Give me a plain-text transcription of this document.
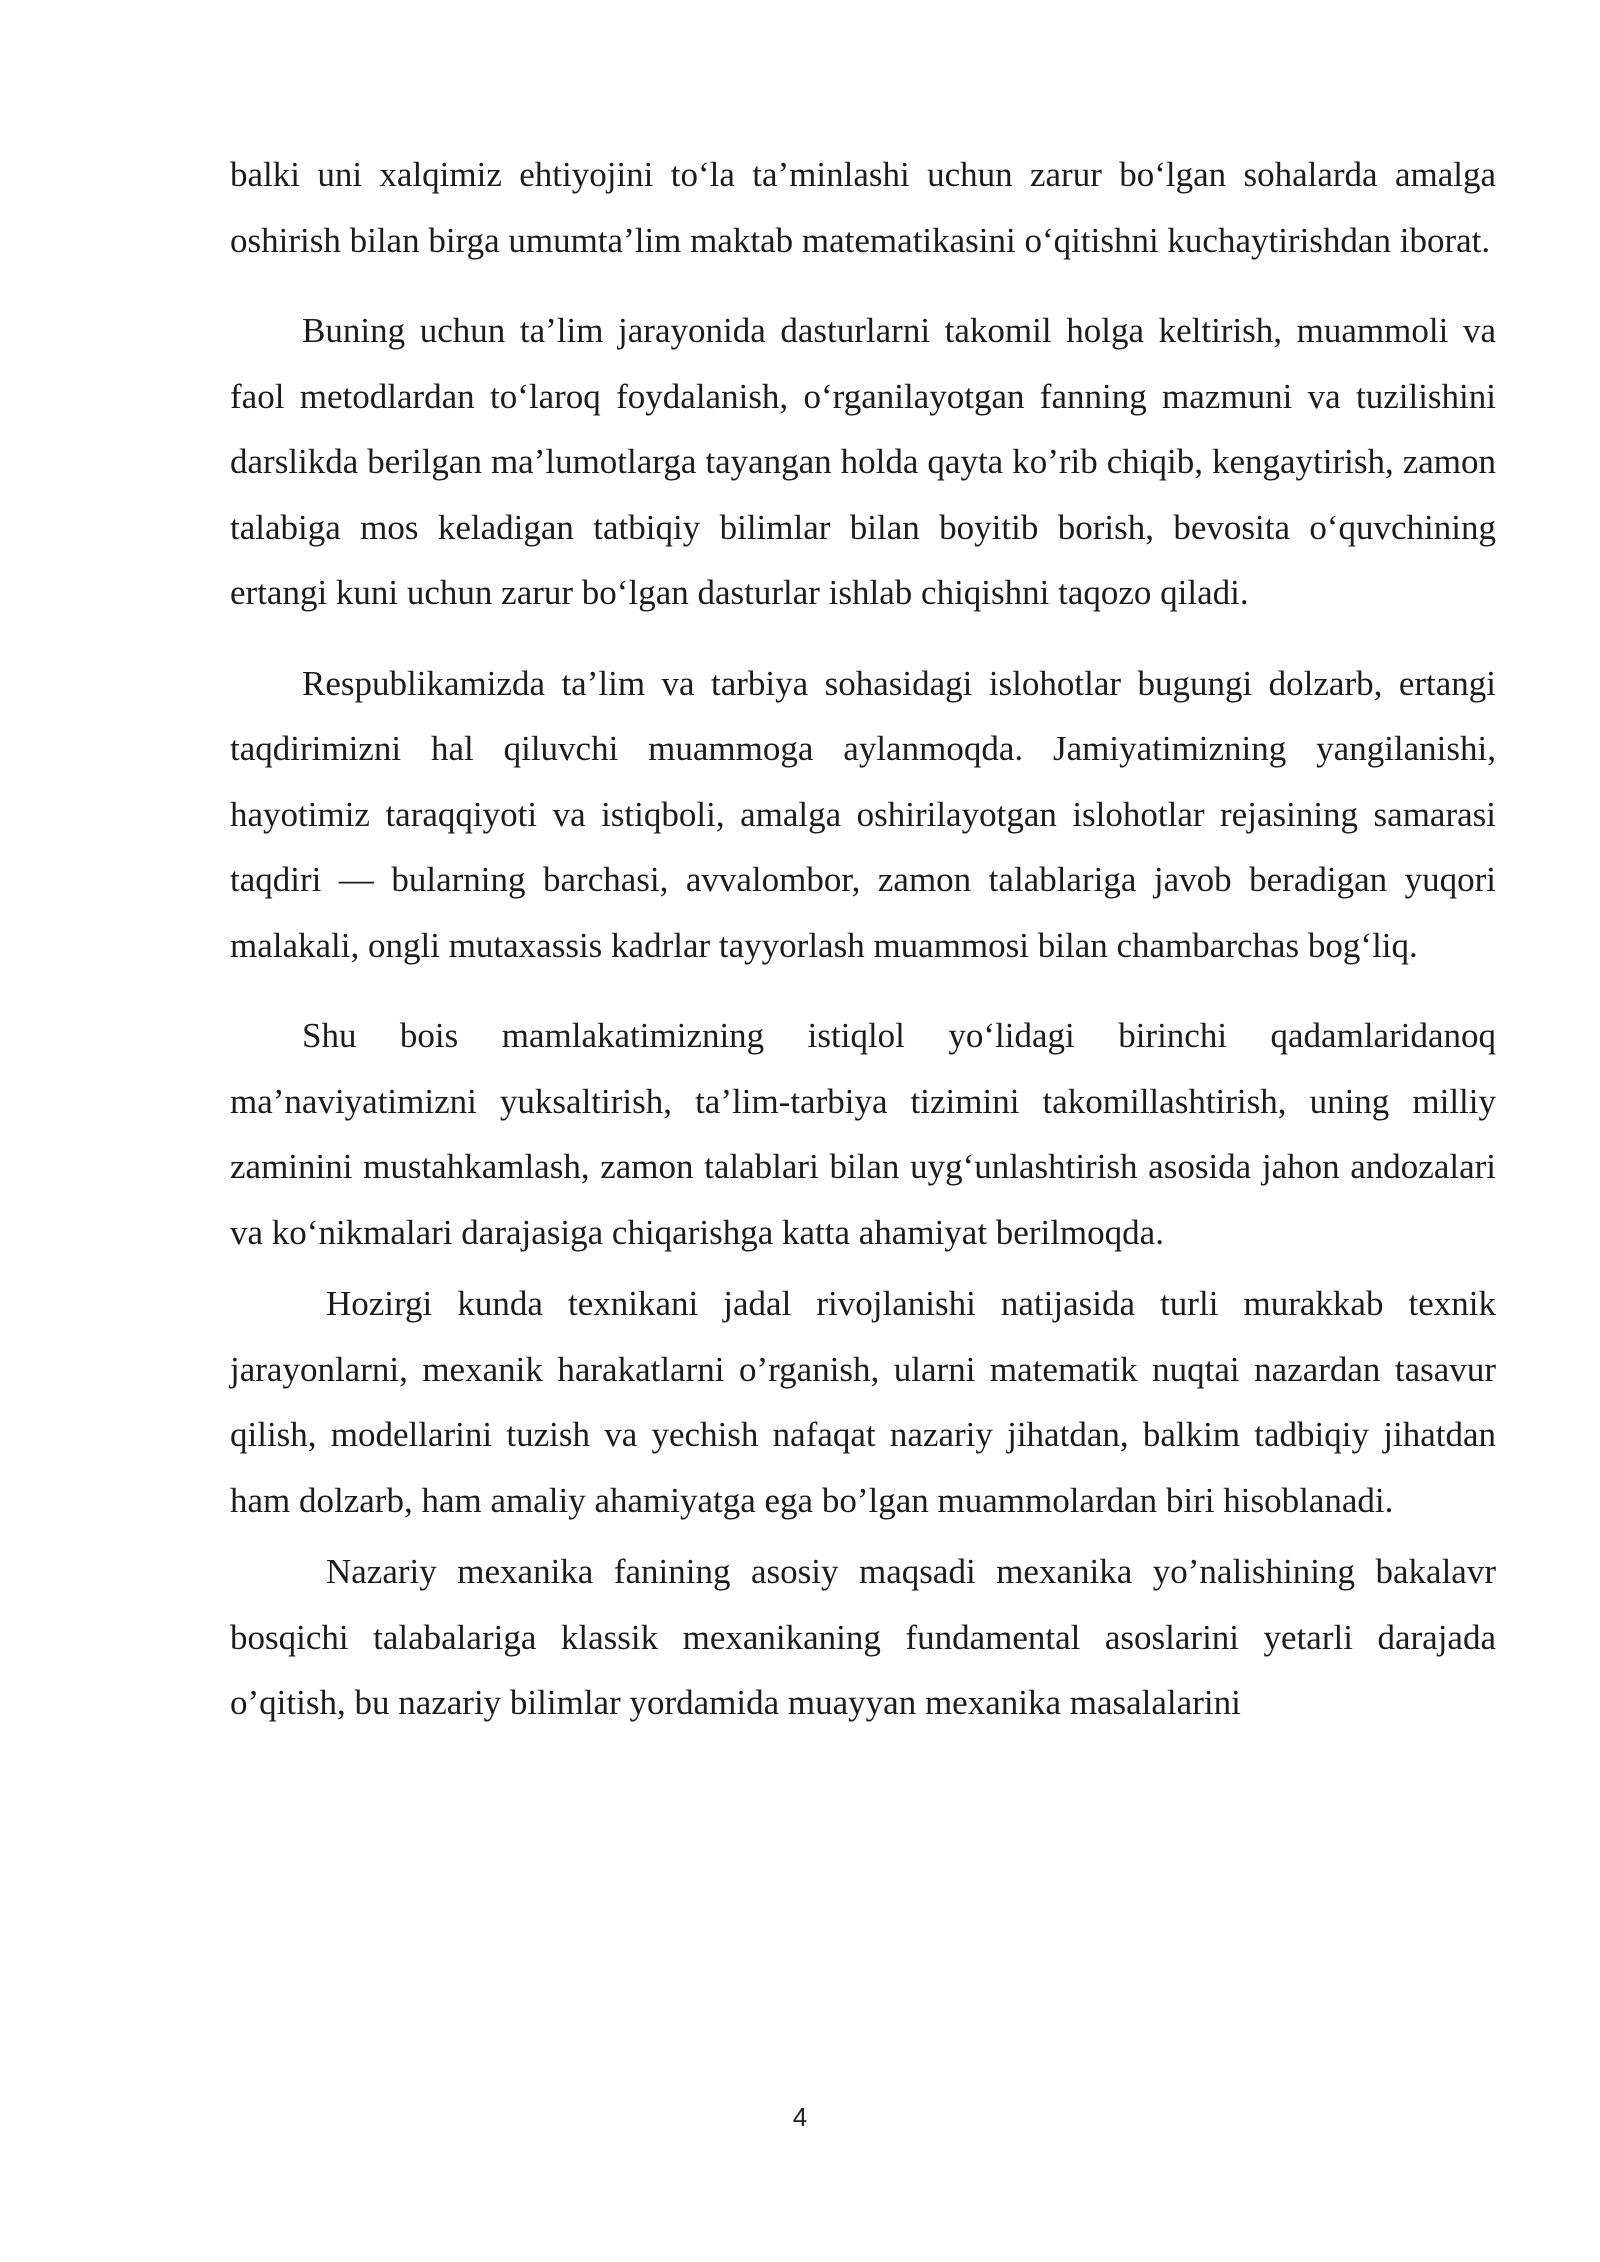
balki uni xalqimiz ehtiyojini to‘la ta’minlashi uchun zarur bo‘lgan sohalarda amalga oshirish bilan birga umumta’lim maktab matematikasini o‘qitishni kuchaytirishdan iborat.

Buning uchun ta’lim jarayonida dasturlarni takomil holga keltirish, muammoli va faol metodlardan to‘laroq foydalanish, o‘rganilayotgan fanning mazmuni va tuzilishini darslikda berilgan ma’lumotlarga tayangan holda qayta ko’rib chiqib, kengaytirish, zamon talabiga mos keladigan tatbiqiy bilimlar bilan boyitib borish, bevosita o‘quvchining ertangi kuni uchun zarur bo‘lgan dasturlar ishlab chiqishni taqozo qiladi.

Respublikamizda ta’lim va tarbiya sohasidagi islohotlar bugungi dolzarb, ertangi taqdirimizni hal qiluvchi muammoga aylanmoqda. Jamiyatimizning yangilanishi, hayotimiz taraqqiyoti va istiqboli, amalga oshirilayotgan islohotlar rejasining samarasi taqdiri — bularning barchasi, avvalombor, zamon talablariga javob beradigan yuqori malakali, ongli mutaxassis kadrlar tayyorlash muammosi bilan chambarchas bog‘liq.

Shu bois mamlakatimizning istiqlol yo‘lidagi birinchi qadamlaridanoq ma’naviyatimizni yuksaltirish, ta’lim-tarbiya tizimini takomillashtirish, uning milliy zaminini mustahkamlash, zamon talablari bilan uyg‘unlashtirish asosida jahon andozalari va ko‘nikmalari darajasiga chiqarishga katta ahamiyat berilmoqda.

Hozirgi kunda texnikani jadal rivojlanishi natijasida turli murakkab texnik jarayonlarni, mexanik harakatlarni o’rganish, ularni matematik nuqtai nazardan tasavur qilish, modellarini tuzish va yechish nafaqat nazariy jihatdan, balkim tadbiqiy jihatdan ham dolzarb, ham amaliy ahamiyatga ega bo’lgan muammolardan biri hisoblanadi.

Nazariy mexanika fanining asosiy maqsadi mexanika yo’nalishining bakalavr bosqichi talabalariga klassik mexanikaning fundamental asoslarini yetarli darajada o’qitish, bu nazariy bilimlar yordamida muayyan mexanika masalalarini

4
